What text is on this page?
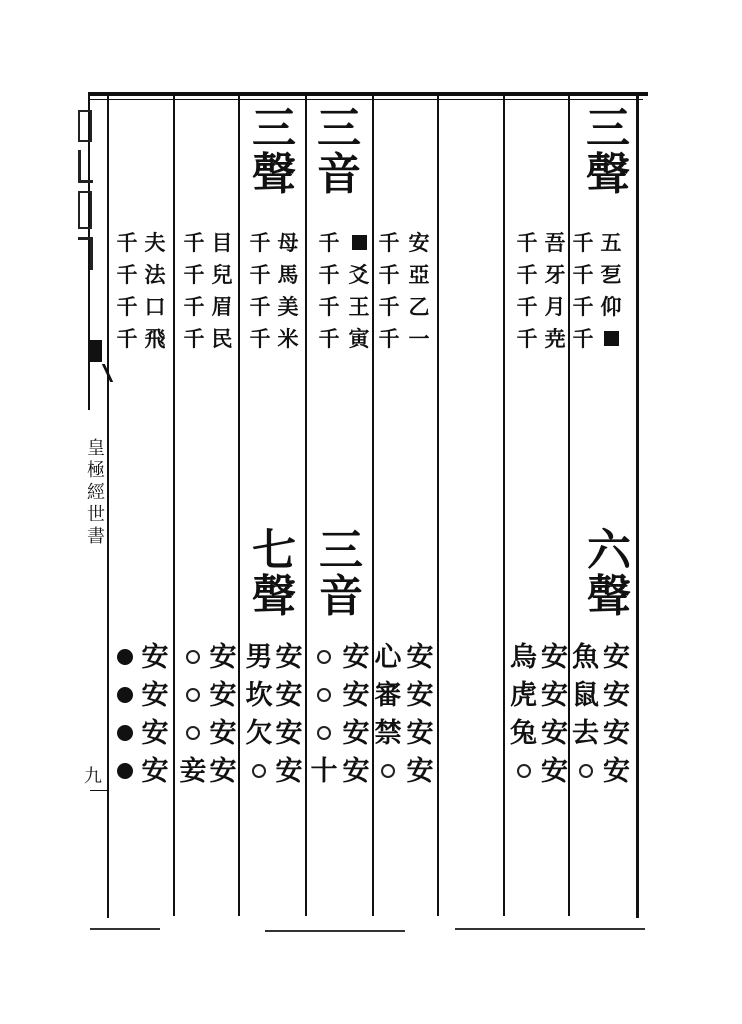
皇極經世書
九
三
聲
五
乭
仰
千
千
千
千
吾
牙
月
尭
千
千
千
千
六
聲
安
安
安
安
魚
鼠
去
安
安
安
安
烏
虎
兔
三
音
安
亞
乙
一
千
千
千
千
爻
王
寅
千
千
千
千
三
音
安
安
安
安
心
審
禁
安
安
安
安
十
三
聲
母
馬
美
米
千
千
千
千
七
聲
安
安
安
安
男
坎
欠
目
兒
眉
民
千
千
千
千
安
安
安
安
妾
夫
法
口
飛
千
千
千
千
安
安
安
安
